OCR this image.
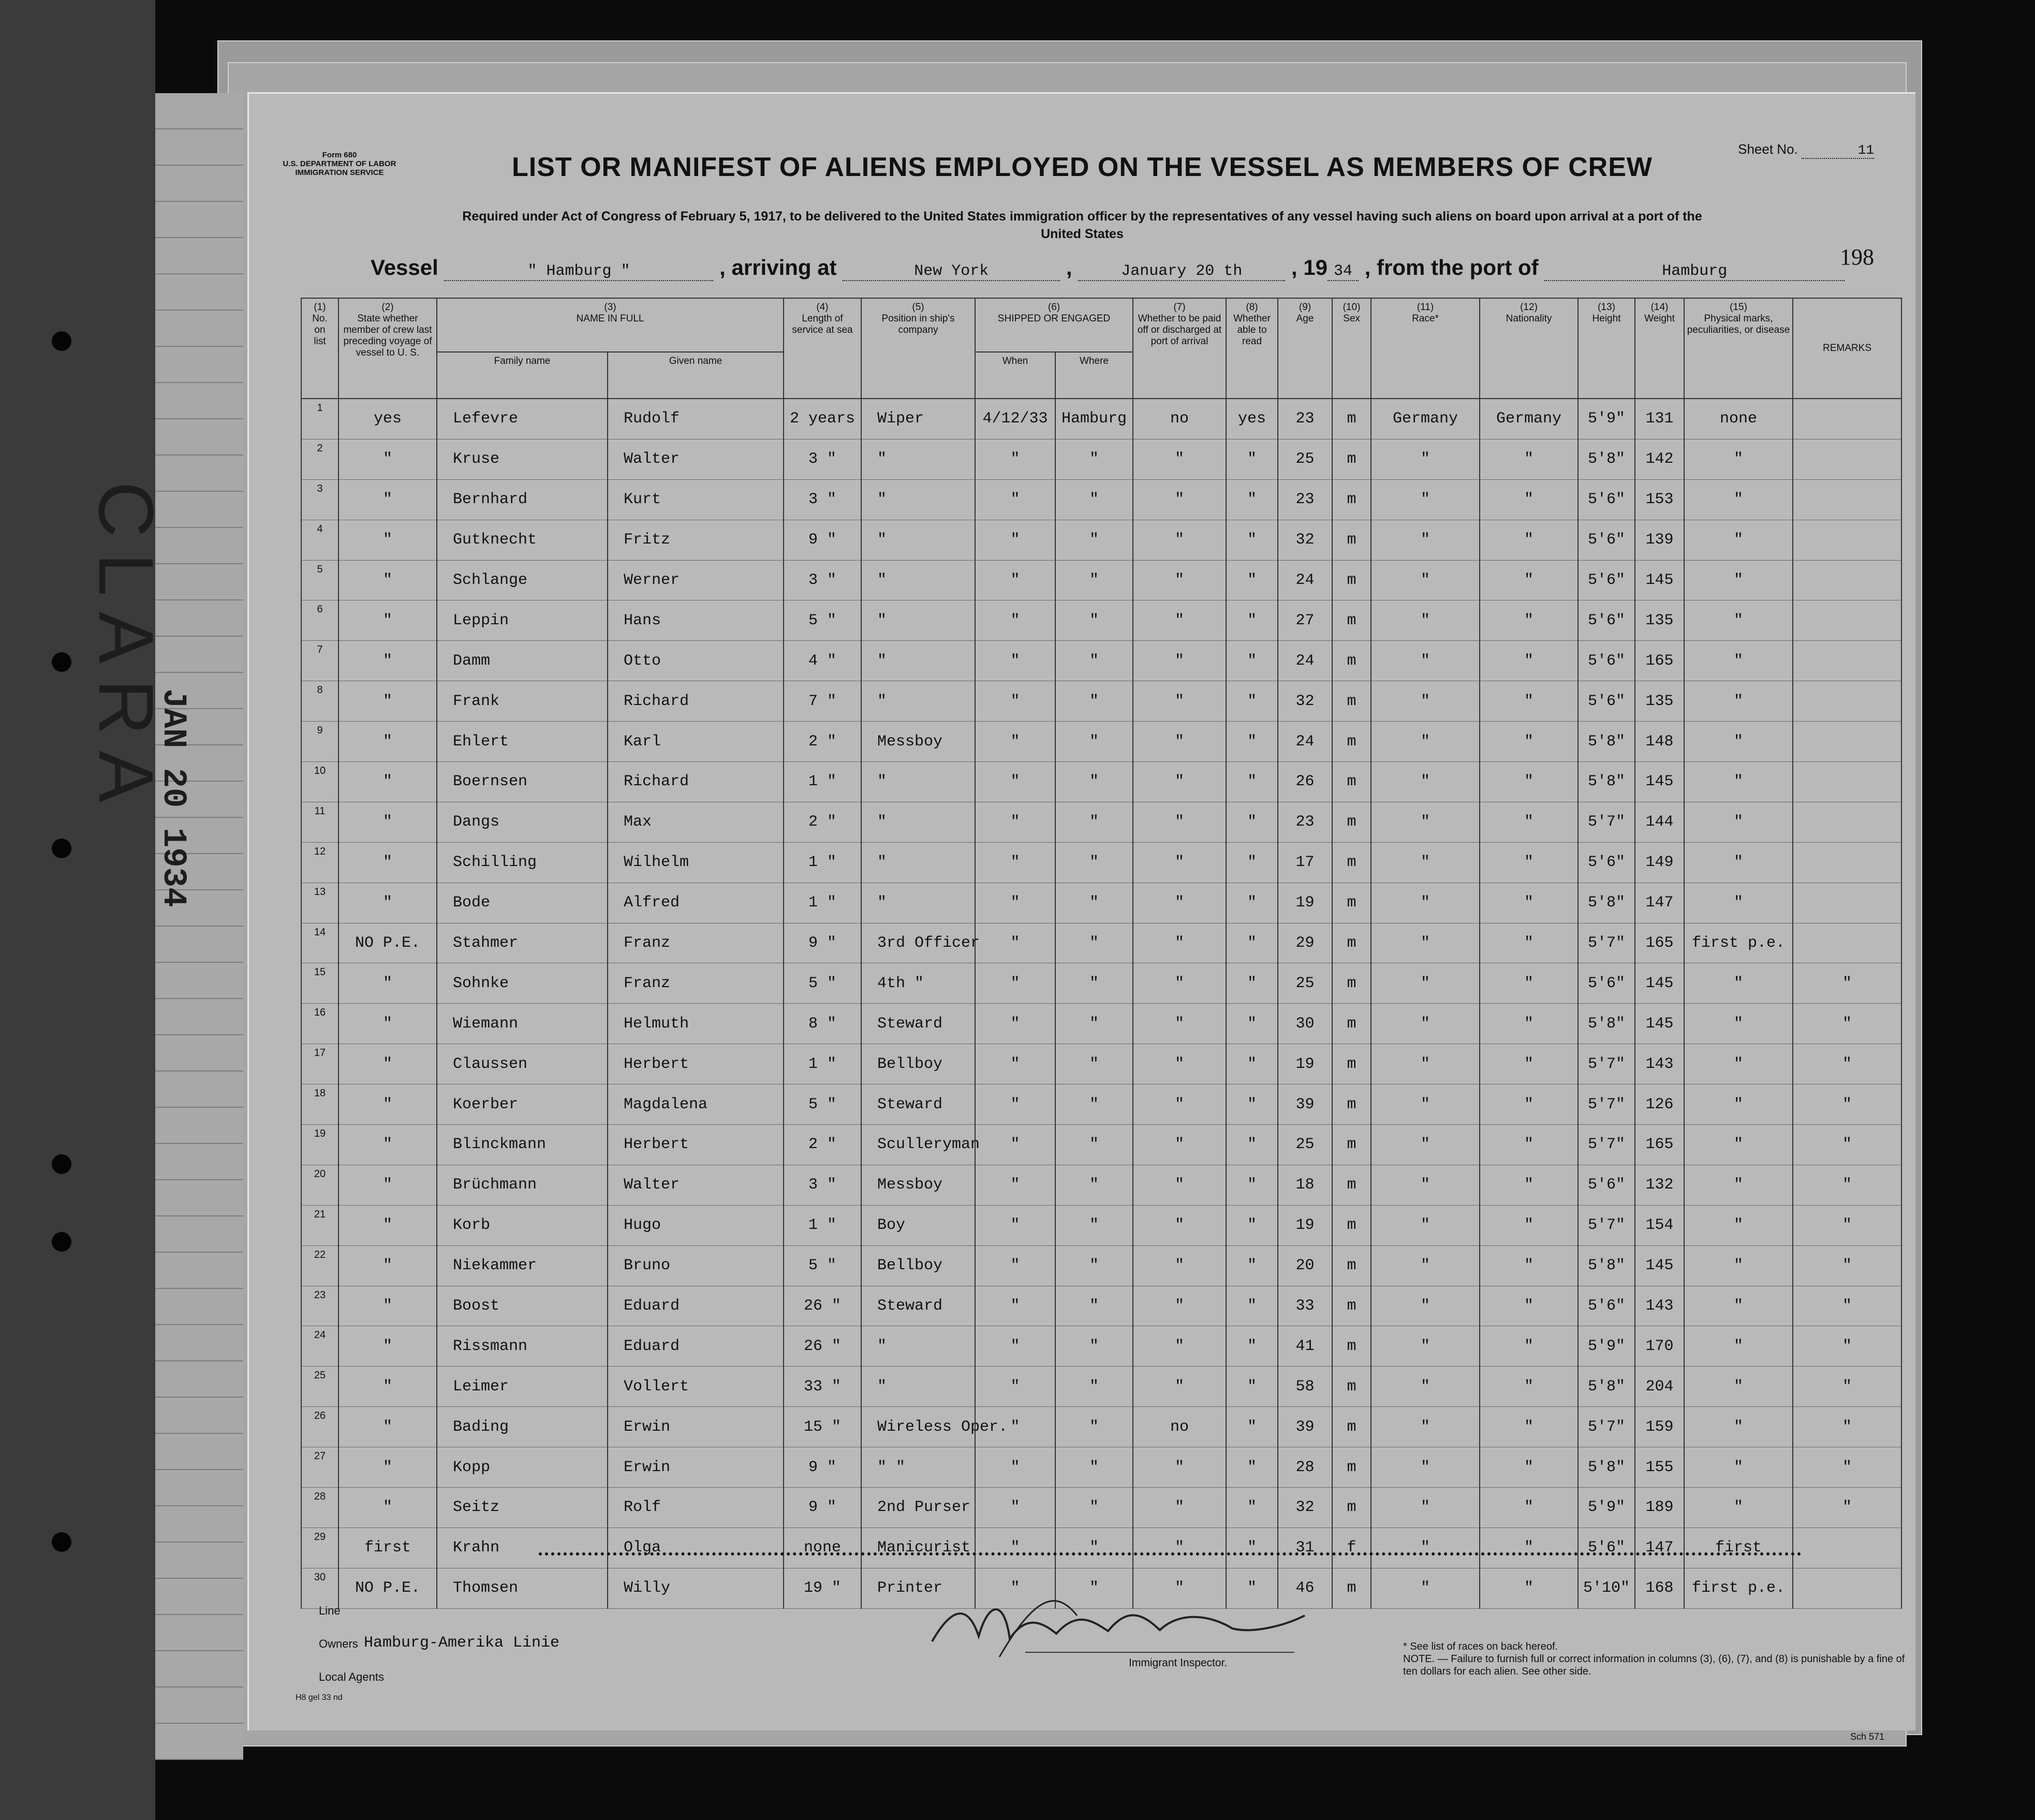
CLARA
JAN 20 1934
Form 680
U.S. DEPARTMENT OF LABOR
IMMIGRATION SERVICE
Sheet No.	11
198
LIST OR MANIFEST OF ALIENS EMPLOYED ON THE VESSEL AS MEMBERS OF CREW
Required under Act of Congress of February 5, 1917, to be delivered to the United States immigration officer by the representatives of any vessel having such aliens on board upon arrival at a port of the United States
Vessel	" Hamburg "	, arriving at	New York	,	January 20 th , 19 34 , from the port of	Hamburg
(1)
No.
on
list	(2)
State whether member of crew last preceding voyage of vessel to U. S.	(3)
NAME IN FULL		(4)
Length of service at sea	(5)
Position in ship's company	(6)
SHIPPED OR ENGAGED		(7)
Whether to be paid off or discharged at port of arrival	(8)
Whether able to read	(9)
Age	(10)
Sex	(11)
Race*	(12)
Nationality	(13)
Height	(14)
Weight	(15)
Physical marks, peculiarities, or disease	REMARKS
		Family name	Given name			When	Where										
1	yes	Lefevre	Rudolf	2 years	Wiper	4/12/33	Hamburg	no	yes	23	m	Germany	Germany	5'9"	131	none	
2	"	Kruse	Walter	3 "	"	"	"	"	"	25	m	"	"	5'8"	142	"	
3	"	Bernhard	Kurt	3 "	"	"	"	"	"	23	m	"	"	5'6"	153	"	
4	"	Gutknecht	Fritz	9 "	"	"	"	"	"	32	m	"	"	5'6"	139	"	
5	"	Schlange	Werner	3 "	"	"	"	"	"	24	m	"	"	5'6"	145	"	
6	"	Leppin	Hans	5 "	"	"	"	"	"	27	m	"	"	5'6"	135	"	
7	"	Damm	Otto	4 "	"	"	"	"	"	24	m	"	"	5'6"	165	"	
8	"	Frank	Richard	7 "	"	"	"	"	"	32	m	"	"	5'6"	135	"	
9	"	Ehlert	Karl	2 "	Messboy	"	"	"	"	24	m	"	"	5'8"	148	"	
10	"	Boernsen	Richard	1 "	"	"	"	"	"	26	m	"	"	5'8"	145	"	
11	"	Dangs	Max	2 "	"	"	"	"	"	23	m	"	"	5'7"	144	"	
12	"	Schilling	Wilhelm	1 "	"	"	"	"	"	17	m	"	"	5'6"	149	"	
13	"	Bode	Alfred	1 "	"	"	"	"	"	19	m	"	"	5'8"	147	"	
14	NO P.E.	Stahmer	Franz	9 "	3rd Officer	"	"	"	"	29	m	"	"	5'7"	165	first p.e.	
15	"	Sohnke	Franz	5 "	4th "	"	"	"	"	25	m	"	"	5'6"	145	"	"
16	"	Wiemann	Helmuth	8 "	Steward	"	"	"	"	30	m	"	"	5'8"	145	"	"
17	"	Claussen	Herbert	1 "	Bellboy	"	"	"	"	19	m	"	"	5'7"	143	"	"
18	"	Koerber	Magdalena	5 "	Steward	"	"	"	"	39	m	"	"	5'7"	126	"	"
19	"	Blinckmann	Herbert	2 "	Sculleryman	"	"	"	"	25	m	"	"	5'7"	165	"	"
20	"	Brüchmann	Walter	3 "	Messboy	"	"	"	"	18	m	"	"	5'6"	132	"	"
21	"	Korb	Hugo	1 "	Boy	"	"	"	"	19	m	"	"	5'7"	154	"	"
22	"	Niekammer	Bruno	5 "	Bellboy	"	"	"	"	20	m	"	"	5'8"	145	"	"
23	"	Boost	Eduard	26 "	Steward	"	"	"	"	33	m	"	"	5'6"	143	"	"
24	"	Rissmann	Eduard	26 "	"	"	"	"	"	41	m	"	"	5'9"	170	"	"
25	"	Leimer	Vollert	33 "	"	"	"	"	"	58	m	"	"	5'8"	204	"	"
26	"	Bading	Erwin	15 "	Wireless Oper.	"	"	no	"	39	m	"	"	5'7"	159	"	"
27	"	Kopp	Erwin	9 "	" "	"	"	"	"	28	m	"	"	5'8"	155	"	"
28	"	Seitz	Rolf	9 "	2nd Purser	"	"	"	"	32	m	"	"	5'9"	189	"	"
29	first	Krahn	Olga	none	Manicurist	"	"	"	"	31	f	"	"	5'6"	147	first	
30	NO P.E.	Thomsen	Willy	19 "	Printer	"	"	"	"	46	m	"	"	5'10"	168	first p.e.	
Line
Owners Hamburg-Amerika Linie
Local Agents
Immigrant Inspector.
* See list of races on back hereof.
NOTE. — Failure to furnish full or correct information in columns (3), (6), (7), and (8) is punishable by a fine of ten dollars for each alien. See other side.
H8 gel 33 nd
Sch 571
